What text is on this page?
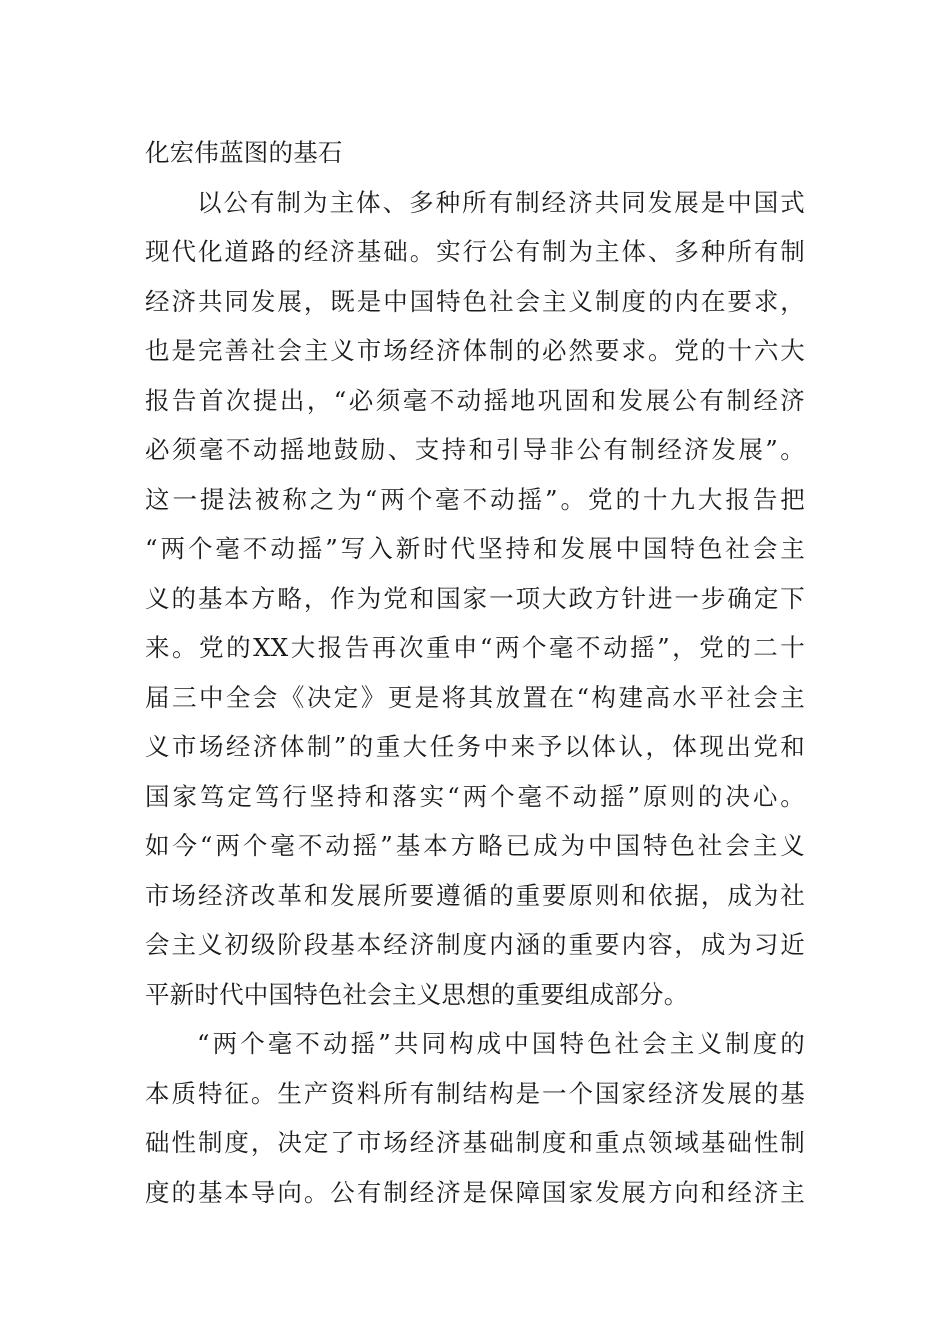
化宏伟蓝图的基石
以公有制为主体、多种所有制经济共同发展是中国式
现代化道路的经济基础。实行公有制为主体、多种所有制
经济共同发展，既是中国特色社会主义制度的内在要求，
也是完善社会主义市场经济体制的必然要求。党的十六大
报告首次提出，“必须毫不动摇地巩固和发展公有制经济
必须毫不动摇地鼓励、支持和引导非公有制经济发展”。
这一提法被称之为“两个毫不动摇”。党的十九大报告把
“两个毫不动摇”写入新时代坚持和发展中国特色社会主
义的基本方略，作为党和国家一项大政方针进一步确定下
来。党的XX大报告再次重申“两个毫不动摇”，党的二十
届三中全会《决定》更是将其放置在“构建高水平社会主
义市场经济体制”的重大任务中来予以体认，体现出党和
国家笃定笃行坚持和落实“两个毫不动摇”原则的决心。
如今“两个毫不动摇”基本方略已成为中国特色社会主义
市场经济改革和发展所要遵循的重要原则和依据，成为社
会主义初级阶段基本经济制度内涵的重要内容，成为习近
平新时代中国特色社会主义思想的重要组成部分。
“两个毫不动摇”共同构成中国特色社会主义制度的
本质特征。生产资料所有制结构是一个国家经济发展的基
础性制度，决定了市场经济基础制度和重点领域基础性制
度的基本导向。公有制经济是保障国家发展方向和经济主
